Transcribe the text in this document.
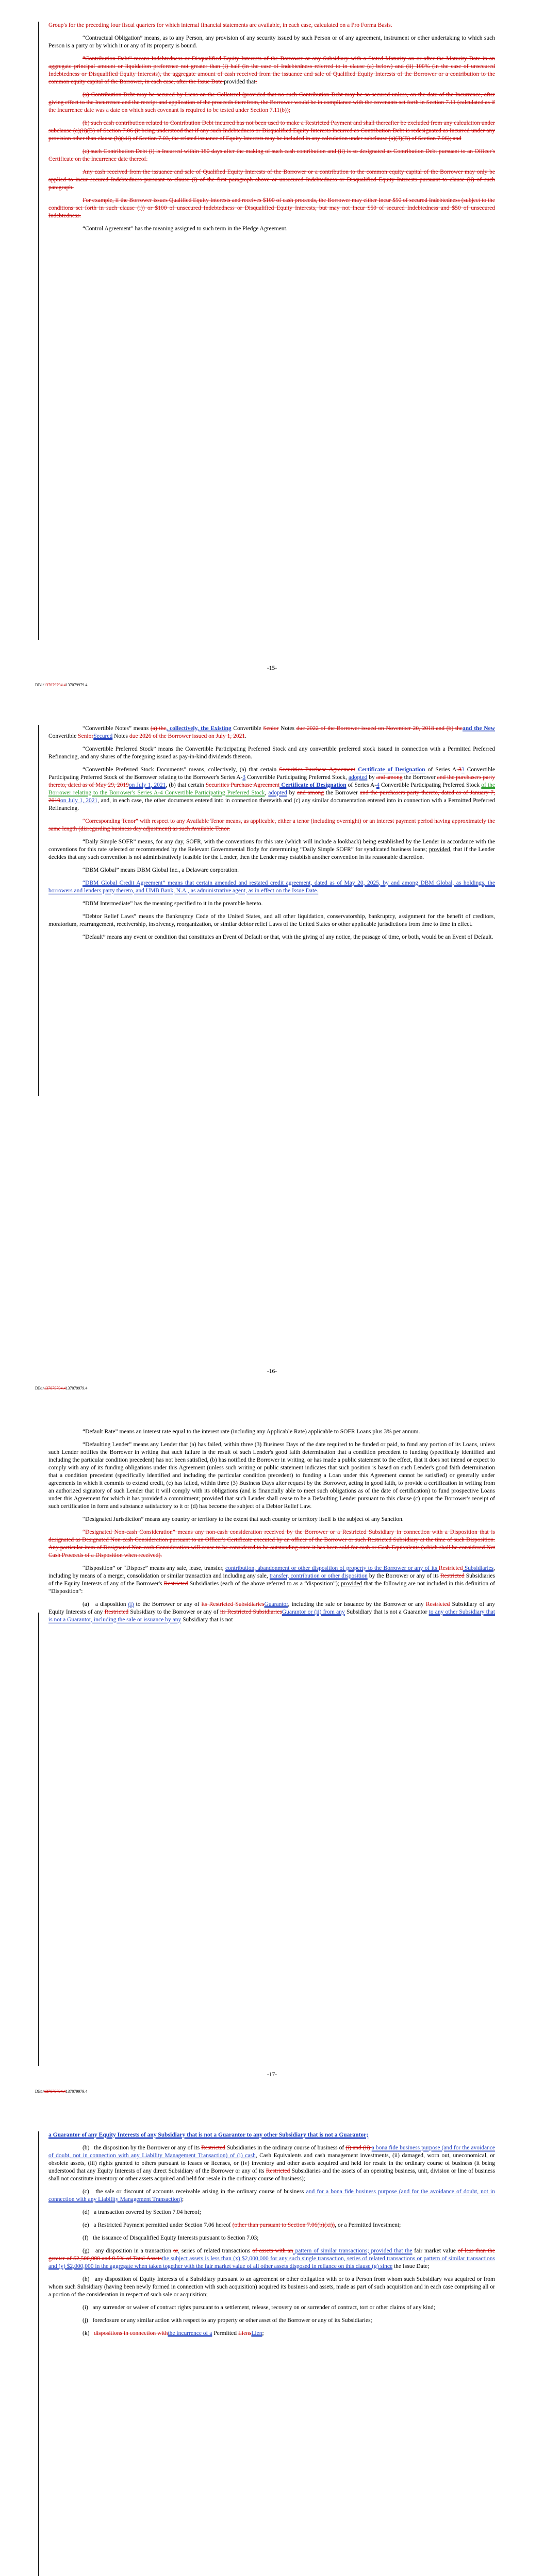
Group's for the preceding four fiscal quarters for which internal financial statements are available, in each case, calculated on a Pro Forma Basis.

“Contractual Obligation” means, as to any Person, any provision of any security issued by such Person or of any agreement, instrument or other undertaking to which such Person is a party or by which it or any of its property is bound.

“Contribution Debt” means Indebtedness or Disqualified Equity Interests of the Borrower or any Subsidiary with a Stated Maturity on or after the Maturity Date in an aggregate principal amount or liquidation preference not greater than (i) half (in the case of Indebtedness referred to in clause (a) below) and (ii) 100% (in the case of unsecured Indebtedness or Disqualified Equity Interests), the aggregate amount of cash received from the issuance and sale of Qualified Equity Interests of the Borrower or a contribution to the common equity capital of the Borrower, in each case, after the Issue Date provided that:

(a) Contribution Debt may be secured by Liens on the Collateral (provided that no such Contribution Debt may be so secured unless, on the date of the Incurrence, after giving effect to the Incurrence and the receipt and application of the proceeds therefrom, the Borrower would be in compliance with the covenants set forth in Section 7.11 (calculated as if the Incurrence date was a date on which such covenant is required to be tested under Section 7.11(b));

(b) such cash contribution related to Contribution Debt incurred has not been used to make a Restricted Payment and shall thereafter be excluded from any calculation under subclause (a)(ii)(B) of Section 7.06 (it being understood that if any such Indebtedness or Disqualified Equity Interests Incurred as Contribution Debt is redesignated as Incurred under any provision other than clause (b)(xii) of Section 7.03, the related issuance of Equity Interests may be included in any calculation under subclause (a)(3)(B) of Section 7.06); and

(c) such Contribution Debt (i) is Incurred within 180 days after the making of such cash contribution and (ii) is so designated as Contribution Debt pursuant to an Officer's Certificate on the Incurrence date thereof.

Any cash received from the issuance and sale of Qualified Equity Interests of the Borrower or a contribution to the common equity capital of the Borrower may only be applied to incur secured Indebtedness pursuant to clause (i) of the first paragraph above or unsecured Indebtedness or Disqualified Equity Interests pursuant to clause (ii) of such paragraph.

For example, if the Borrower issues Qualified Equity Interests and receives $100 of cash proceeds, the Borrower may either Incur $50 of secured Indebtedness (subject to the conditions set forth in such clause (i)) or $100 of unsecured Indebtedness or Disqualified Equity Interests, but may not Incur $50 of secured Indebtedness and $50 of unsecured Indebtedness.

“Control Agreement” has the meaning assigned to such term in the Pledge Agreement.

-15-
DB1/137079794.4137079979.4

“Convertible Notes” means (a) the, collectively, the Existing Convertible Senior Notes due 2022 of the Borrower issued on November 20, 2018 and (b) theand the New Convertible SeniorSecured Notes due 2026 of the Borrower issued on July 1, 2021.

“Convertible Preferred Stock” means the Convertible Participating Preferred Stock and any convertible preferred stock issued in connection with a Permitted Preferred Refinancing, and any shares of the foregoing issued as pay-in-kind dividends thereon.

“Convertible Preferred Stock Documents” means, collectively, (a) that certain Securities Purchase Agreement Certificate of Designation of Series A-33 Convertible Participating Preferred Stock of the Borrower relating to the Borrower's Series A-3 Convertible Participating Preferred Stock, adopted by and among the Borrower and the purchasers party thereto, dated as of May 29, 2019on July 1, 2021, (b) that certain Securities Purchase Agreement Certificate of Designation of Series A-4 Convertible Participating Preferred Stock of the Borrower relating to the Borrower's Series A-4 Convertible Participating Preferred Stock, adopted by and among the Borrower and the purchasers party thereto, dated as of January 7, 2019on July 1, 2021, and, in each case, the other documents entered into in connection therewith and (c) any similar documentation entered into in connection with a Permitted Preferred Refinancing.

“Corresponding Tenor” with respect to any Available Tenor means, as applicable, either a tenor (including overnight) or an interest payment period having approximately the same length (disregarding business day adjustment) as such Available Tenor.

“Daily Simple SOFR” means, for any day, SOFR, with the conventions for this rate (which will include a lookback) being established by the Lender in accordance with the conventions for this rate selected or recommended by the Relevant Governmental Body for determining “Daily Simple SOFR” for syndicated business loans; provided, that if the Lender decides that any such convention is not administratively feasible for the Lender, then the Lender may establish another convention in its reasonable discretion.

“DBM Global” means DBM Global Inc., a Delaware corporation.

“DBM Global Credit Agreement” means that certain amended and restated credit agreement, dated as of May 20, 2025, by and among DBM Global, as holdings, the borrowers and lenders party thereto, and UMB Bank, N.A., as administrative agent, as in effect on the Issue Date.

“DBM Intermediate” has the meaning specified to it in the preamble hereto.

“Debtor Relief Laws” means the Bankruptcy Code of the United States, and all other liquidation, conservatorship, bankruptcy, assignment for the benefit of creditors, moratorium, rearrangement, receivership, insolvency, reorganization, or similar debtor relief Laws of the United States or other applicable jurisdictions from time to time in effect.

“Default” means any event or condition that constitutes an Event of Default or that, with the giving of any notice, the passage of time, or both, would be an Event of Default.

-16-
DB1/137079794.4137079979.4

“Default Rate” means an interest rate equal to the interest rate (including any Applicable Rate) applicable to SOFR Loans plus 3% per annum.

“Defaulting Lender” means any Lender that (a) has failed, within three (3) Business Days of the date required to be funded or paid, to fund any portion of its Loans, unless such Lender notifies the Borrower in writing that such failure is the result of such Lender's good faith determination that a condition precedent to funding (specifically identified and including the particular condition precedent) has not been satisfied, (b) has notified the Borrower in writing, or has made a public statement to the effect, that it does not intend or expect to comply with any of its funding obligations under this Agreement (unless such writing or public statement indicates that such position is based on such Lender's good faith determination that a condition precedent (specifically identified and including the particular condition precedent) to funding a Loan under this Agreement cannot be satisfied) or generally under agreements in which it commits to extend credit, (c) has failed, within three (3) Business Days after request by the Borrower, acting in good faith, to provide a certification in writing from an authorized signatory of such Lender that it will comply with its obligations (and is financially able to meet such obligations as of the date of certification) to fund prospective Loans under this Agreement for which it has provided a commitment; provided that such Lender shall cease to be a Defaulting Lender pursuant to this clause (c) upon the Borrower's receipt of such certification in form and substance satisfactory to it or (d) has become the subject of a Debtor Relief Law.

“Designated Jurisdiction” means any country or territory to the extent that such country or territory itself is the subject of any Sanction.

“Designated Non-cash Consideration” means any non-cash consideration received by the Borrower or a Restricted Subsidiary in connection with a Disposition that is designated as Designated Non-cash Consideration pursuant to an Officer's Certificate executed by an officer of the Borrower or such Restricted Subsidiary at the time of such Disposition. Any particular item of Designated Non-cash Consideration will cease to be considered to be outstanding once it has been sold for cash or Cash Equivalents (which shall be considered Net Cash Proceeds of a Disposition when received).

“Disposition” or “Dispose” means any sale, lease, transfer, contribution, abandonment or other disposition of property to the Borrower or any of its Restricted Subsidiaries, including by means of a merger, consolidation or similar transaction and including any sale, transfer, contribution or other disposition by the Borrower or any of its Restricted Subsidiaries of the Equity Interests of any of the Borrower's Restricted Subsidiaries (each of the above referred to as a “disposition”); provided that the following are not included in this definition of “Disposition”:

(a)   a disposition (i) to the Borrower or any of its Restricted SubsidiariesGuarantor, including the sale or issuance by the Borrower or any Restricted Subsidiary of any Equity Interests of any Restricted Subsidiary to the Borrower or any of its Restricted SubsidiariesGuarantor or (ii) from any Subsidiary that is not a Guarantor to any other Subsidiary that is not a Guarantor, including the sale or issuance by any Subsidiary that is not

-17-
DB1/137079794.4137079979.4

a Guarantor of any Equity Interests of any Subsidiary that is not a Guarantor to any other Subsidiary that is not a Guarantor;

(b)   the disposition by the Borrower or any of its Restricted Subsidiaries in the ordinary course of business of (i) and (ii) a bona fide business purpose (and for the avoidance of doubt, not in connection with any Liability Management Transaction) of (i) cash, Cash Equivalents and cash management investments, (ii) damaged, worn out, uneconomical, or obsolete assets, (iii) rights granted to others pursuant to leases or licenses, or (iv) inventory and other assets acquired and held for resale in the ordinary course of business (it being understood that any Equity Interests of any direct Subsidiary of the Borrower or any of its Restricted Subsidiaries and the assets of an operating business, unit, division or line of business shall not constitute inventory or other assets acquired and held for resale in the ordinary course of business);

(c)   the sale or discount of accounts receivable arising in the ordinary course of business and for a bona fide business purpose (and for the avoidance of doubt, not in connection with any Liability Management Transaction);

(d)   a transaction covered by Section 7.04 hereof;

(e)   a Restricted Payment permitted under Section 7.06 hereof (other than pursuant to Section 7.06(b)(xi)), or a Permitted Investment;

(f)   the issuance of Disqualified Equity Interests pursuant to Section 7.03;

(g)   any disposition in a transaction or, series of related transactions of assets with an pattern of similar transactions; provided that the fair market value of less than the greater of $2,500,000 and 0.5% of Total Assetsthe subject assets is less than (x) $2,000,000 for any such single transaction, series of related transactions or pattern of similar transactions and (y) $2,000,000 in the aggregate when taken together with the fair market value of all other assets disposed in reliance on this clause (g) since the Issue Date;

(h)   any disposition of Equity Interests of a Subsidiary pursuant to an agreement or other obligation with or to a Person from whom such Subsidiary was acquired or from whom such Subsidiary (having been newly formed in connection with such acquisition) acquired its business and assets, made as part of such acquisition and in each case comprising all or a portion of the consideration in respect of such sale or acquisition;

(i)   any surrender or waiver of contract rights pursuant to a settlement, release, recovery on or surrender of contract, tort or other claims of any kind;

(j)   foreclosure or any similar action with respect to any property or other asset of the Borrower or any of its Subsidiaries;

(k)   dispositions in connection withthe incurrence of a Permitted LiensLien;
